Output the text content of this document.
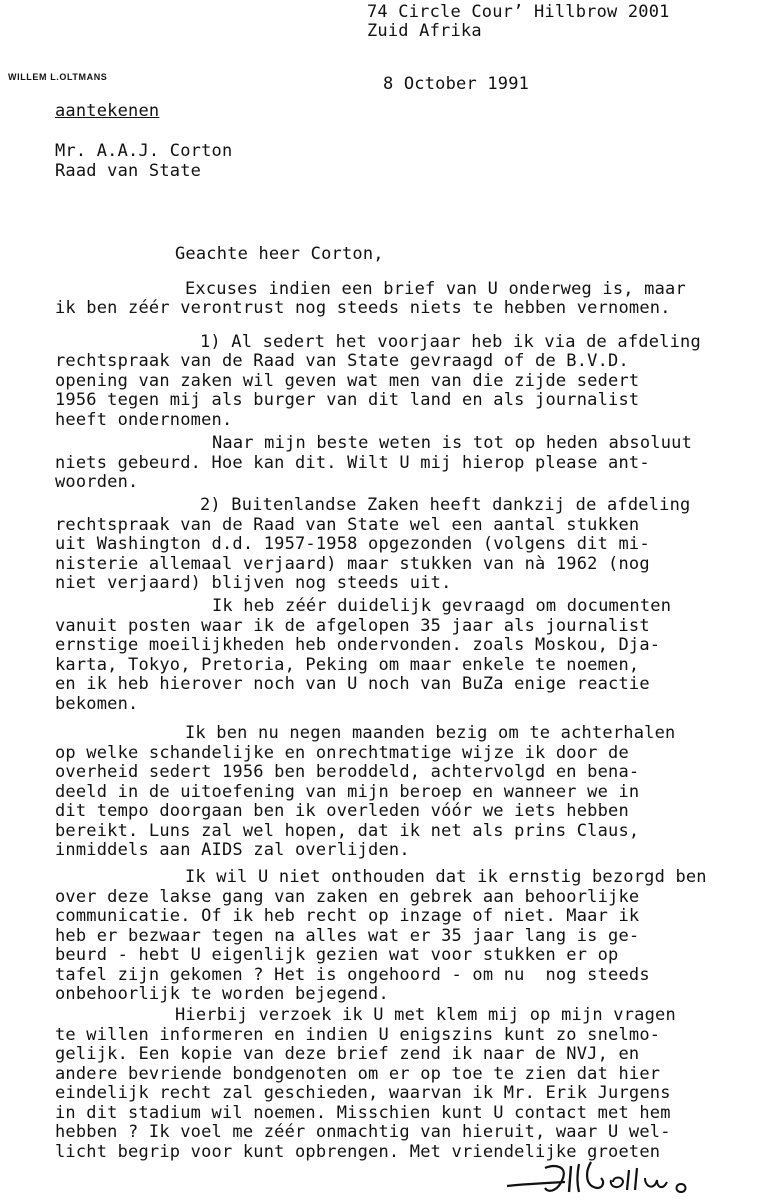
74 Circle Cour’ Hillbrow 2001
Zuid Afrika
WILLEM L.OLTMANS	8 October 1991
aantekenen
Mr. A.A.J. Corton
Raad van State
Geachte heer Corton,
Excuses indien een brief van U onderweg is, maar
ik ben zéér verontrust nog steeds niets te hebben vernomen.
1) Al sedert het voorjaar heb ik via de afdeling
rechtspraak van de Raad van State gevraagd of de B.V.D.
opening van zaken wil geven wat men van die zijde sedert
1956 tegen mij als burger van dit land en als journalist
heeft ondernomen.
Naar mijn beste weten is tot op heden absoluut
niets gebeurd. Hoe kan dit. Wilt U mij hierop please ant-
woorden.
2) Buitenlandse Zaken heeft dankzij de afdeling
rechtspraak van de Raad van State wel een aantal stukken
uit Washington d.d. 1957-1958 opgezonden (volgens dit mi-
nisterie allemaal verjaard) maar stukken van nà 1962 (nog
niet verjaard) blijven nog steeds uit.
Ik heb zéér duidelijk gevraagd om documenten
vanuit posten waar ik de afgelopen 35 jaar als journalist
ernstige moeilijkheden heb ondervonden. zoals Moskou, Dja-
karta, Tokyo, Pretoria, Peking om maar enkele te noemen,
en ik heb hierover noch van U noch van BuZa enige reactie
bekomen.
Ik ben nu negen maanden bezig om te achterhalen
op welke schandelijke en onrechtmatige wijze ik door de
overheid sedert 1956 ben beroddeld, achtervolgd en bena-
deeld in de uitoefening van mijn beroep en wanneer we in
dit tempo doorgaan ben ik overleden vóór we iets hebben
bereikt. Luns zal wel hopen, dat ik net als prins Claus,
inmiddels aan AIDS zal overlijden.
Ik wil U niet onthouden dat ik ernstig bezorgd ben
over deze lakse gang van zaken en gebrek aan behoorlijke
communicatie. Of ik heb recht op inzage of niet. Maar ik
heb er bezwaar tegen na alles wat er 35 jaar lang is ge-
beurd - hebt U eigenlijk gezien wat voor stukken er op
tafel zijn gekomen ? Het is ongehoord - om nu  nog steeds
onbehoorlijk te worden bejegend.
Hierbij verzoek ik U met klem mij op mijn vragen
te willen informeren en indien U enigszins kunt zo snelmo-
gelijk. Een kopie van deze brief zend ik naar de NVJ, en
andere bevriende bondgenoten om er op toe te zien dat hier
eindelijk recht zal geschieden, waarvan ik Mr. Erik Jurgens
in dit stadium wil noemen. Misschien kunt U contact met hem
hebben ? Ik voel me zéér onmachtig van hieruit, waar U wel-
licht begrip voor kunt opbrengen. Met vriendelijke groeten
